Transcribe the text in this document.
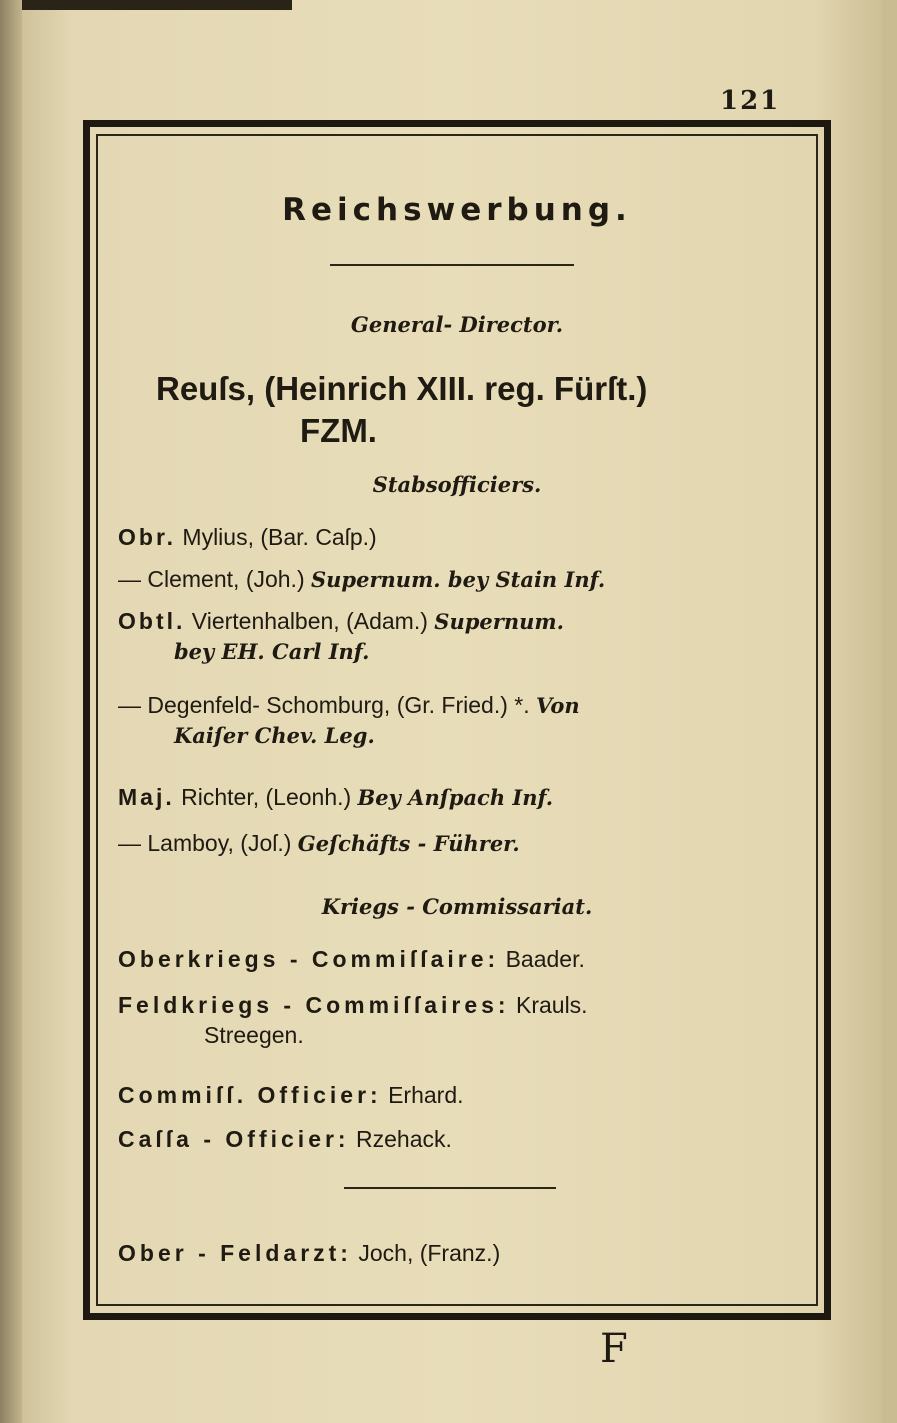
121
Reichswerbung.
General- Director.
Reuſs, (Heinrich XIII. reg. Fürſt.)
FZM.
Stabsofficiers.
Obr. Mylius, (Bar. Caſp.)
— Clement, (Joh.) Supernum. bey Stain Inf.
Obtl. Viertenhalben, (Adam.) Supernum.
bey EH. Carl Inf.
— Degenfeld- Schomburg, (Gr. Fried.) *. Von
Kaiſer Chev. Leg.
Maj. Richter, (Leonh.) Bey Anſpach Inf.
— Lamboy, (Joſ.) Geſchäfts - Führer.
Kriegs - Commissariat.
Oberkriegs - Commiſſaire: Baader.
Feldkriegs - Commiſſaires: Krauls.
Streegen.
Commiſſ. Officier: Erhard.
Caſſa - Officier: Rzehack.
Ober - Feldarzt: Joch, (Franz.)
F
